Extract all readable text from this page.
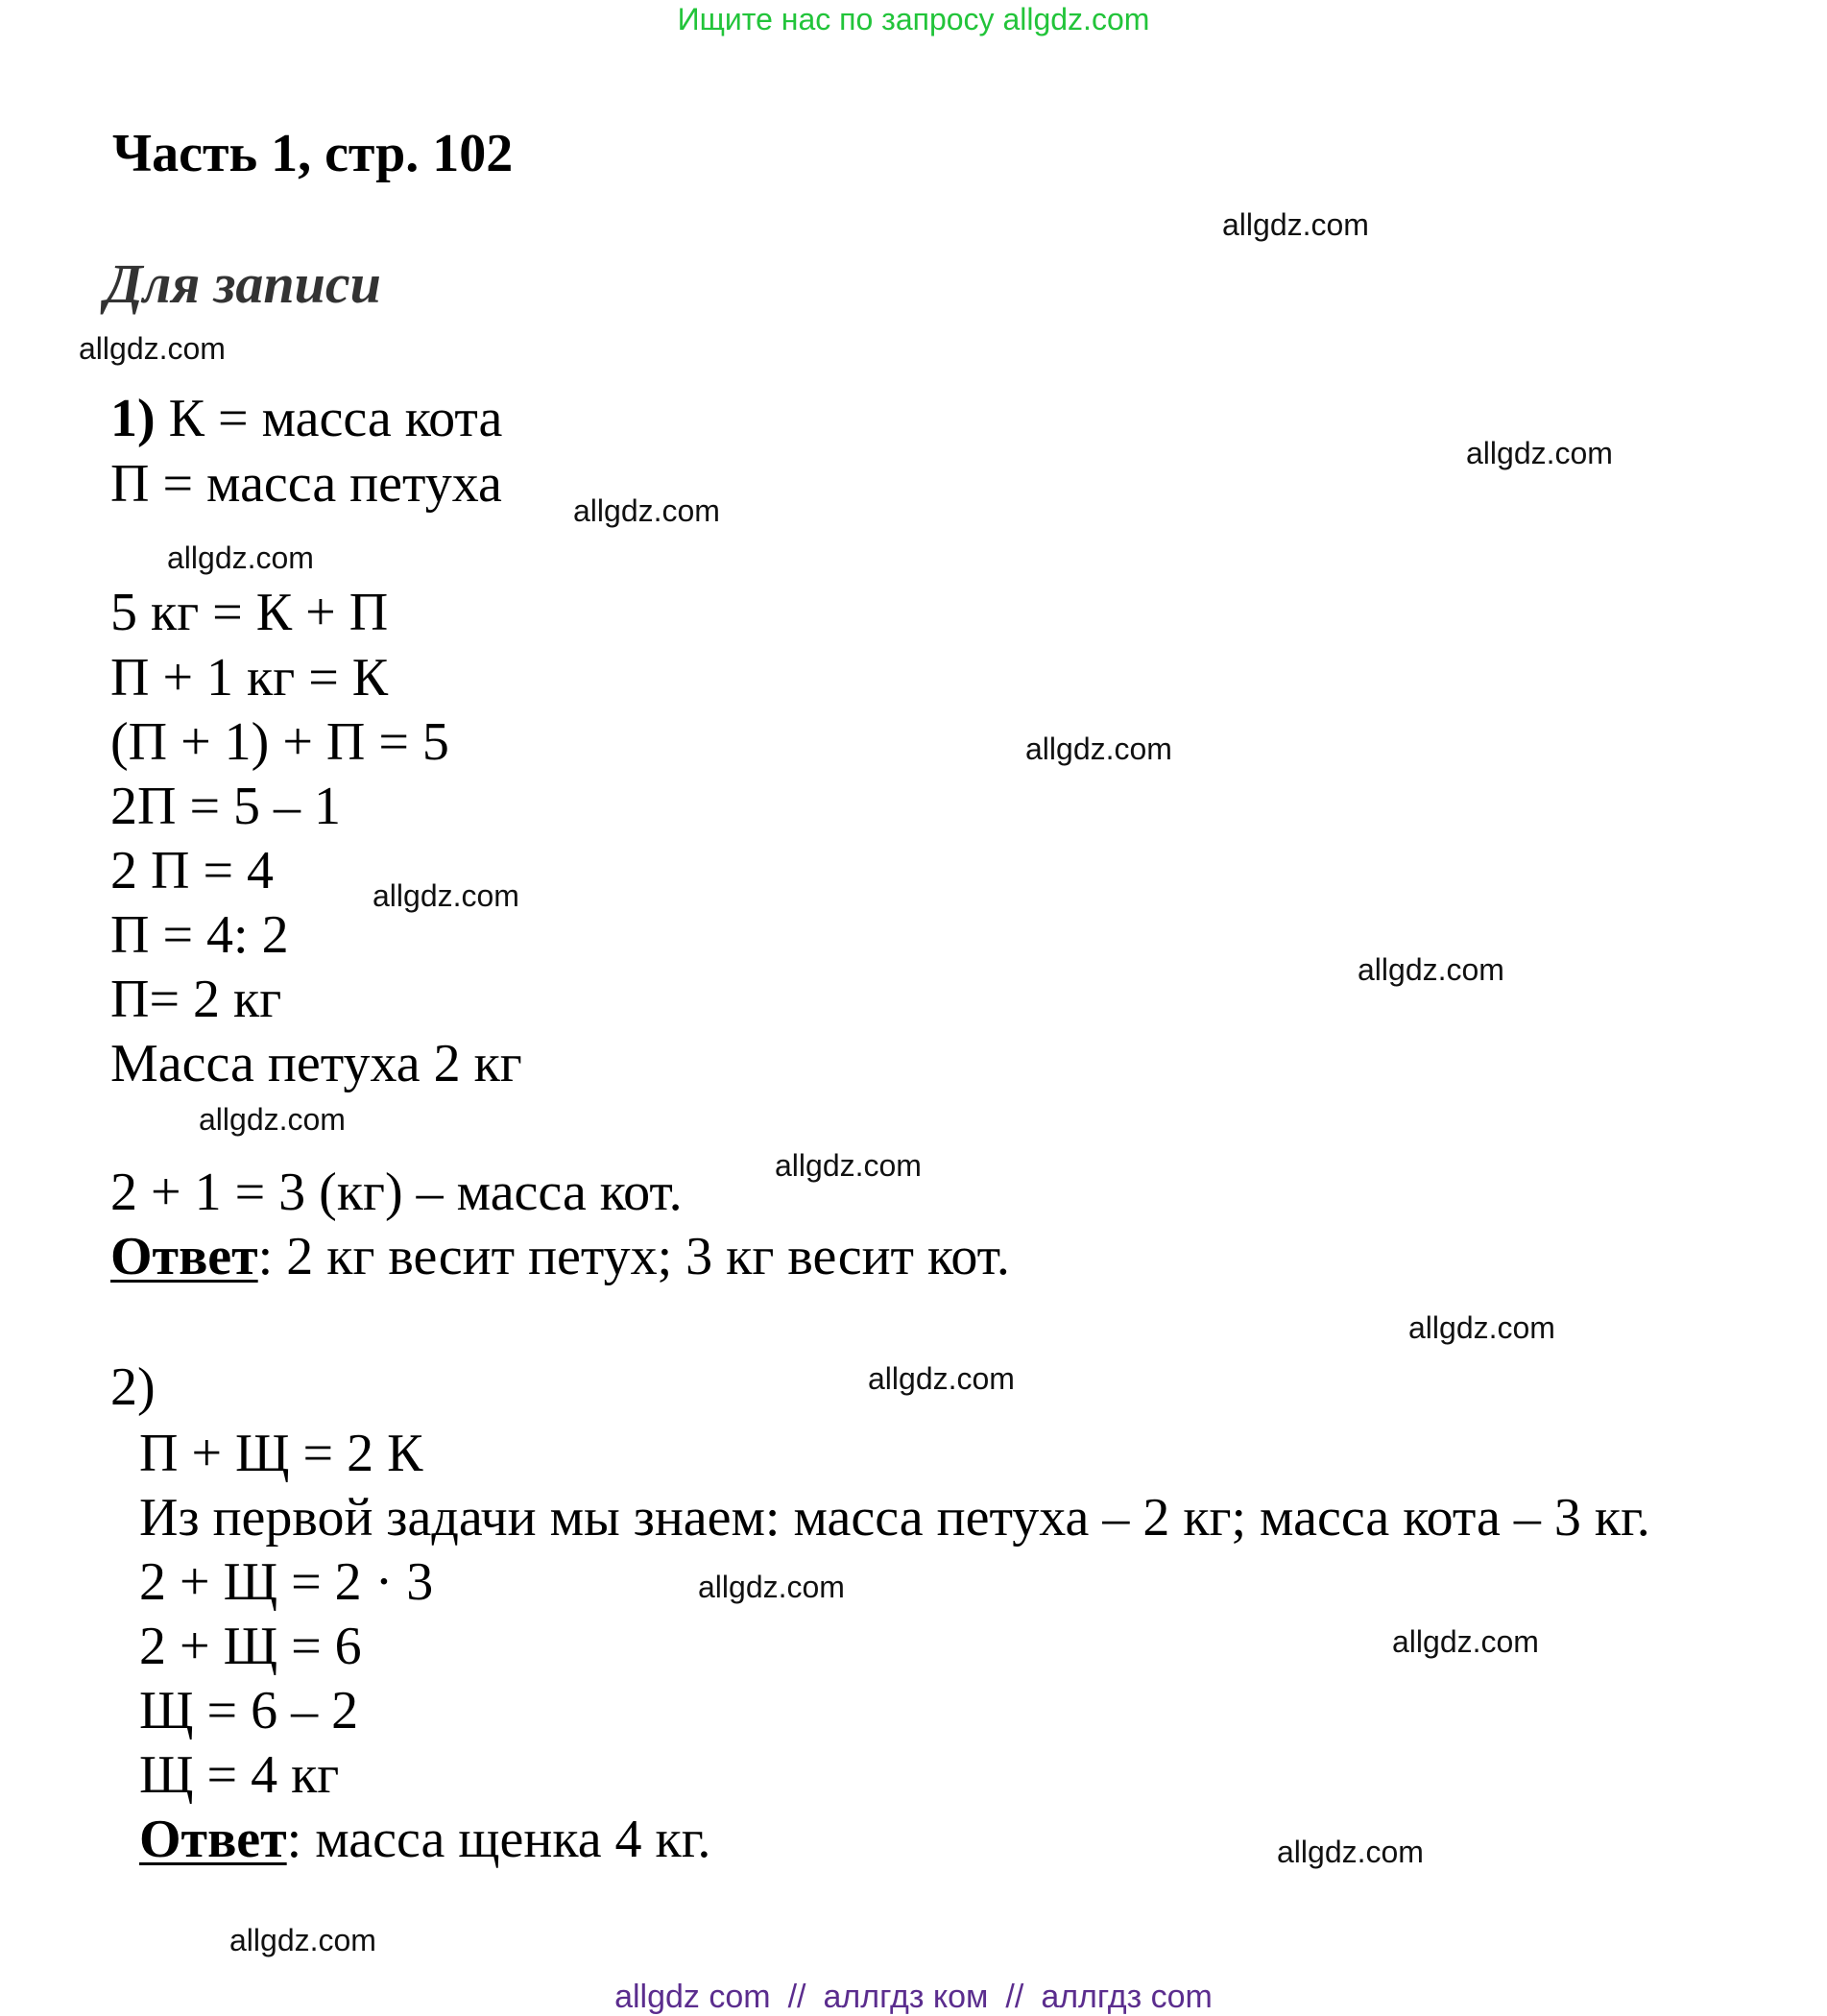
Ищите нас по запросу allgdz.com
Часть 1, стр. 102
Для записи
1) К = масса кота
П = масса петуха
5 кг = К + П
П + 1 кг = К
(П + 1) + П = 5
2П = 5 – 1
2 П = 4
П = 4: 2
П= 2 кг
Масса петуха 2 кг
2 + 1 = 3 (кг) – масса кот.
Ответ: 2 кг весит петух; 3 кг весит кот.
2)
П + Щ = 2 К
Из первой задачи мы знаем: масса петуха – 2 кг; масса кота – 3 кг.
2 + Щ = 2 · 3
2 + Щ = 6
Щ = 6 – 2
Щ = 4 кг
Ответ: масса щенка 4 кг.
allgdz.com
allgdz.com
allgdz.com
allgdz.com
allgdz.com
allgdz.com
allgdz.com
allgdz.com
allgdz.com
allgdz.com
allgdz.com
allgdz.com
allgdz.com
allgdz.com
allgdz.com
allgdz.com
allgdz com // аллгдз ком // аллгдз com
